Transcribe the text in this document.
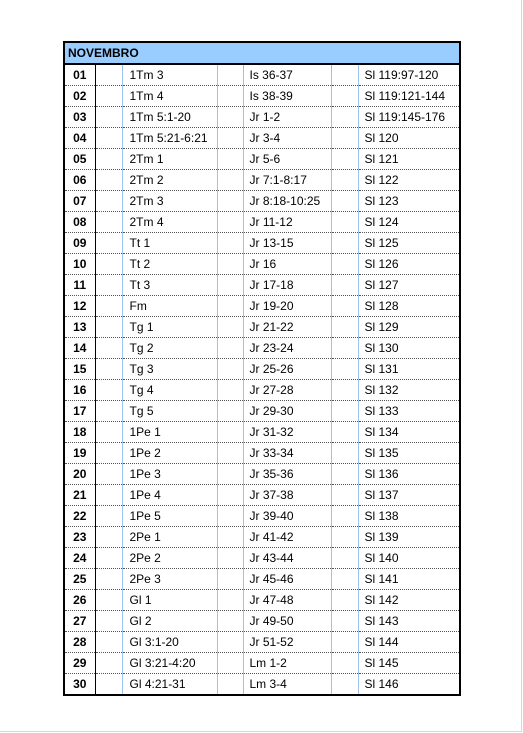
NOVEMBRO						
01		1Tm 3		Is 36-37		Sl 119:97-120
02		1Tm 4		Is 38-39		Sl 119:121-144
03		1Tm 5:1-20		Jr 1-2		Sl 119:145-176
04		1Tm 5:21-6:21		Jr 3-4		Sl 120
05		2Tm 1		Jr 5-6		Sl 121
06		2Tm 2		Jr 7:1-8:17		Sl 122
07		2Tm 3		Jr 8:18-10:25		Sl 123
08		2Tm 4		Jr 11-12		Sl 124
09		Tt 1		Jr 13-15		Sl 125
10		Tt 2		Jr 16		Sl 126
11		Tt 3		Jr 17-18		Sl 127
12		Fm		Jr 19-20		Sl 128
13		Tg 1		Jr 21-22		Sl 129
14		Tg 2		Jr 23-24		Sl 130
15		Tg 3		Jr 25-26		Sl 131
16		Tg 4		Jr 27-28		Sl 132
17		Tg 5		Jr 29-30		Sl 133
18		1Pe 1		Jr 31-32		Sl 134
19		1Pe 2		Jr 33-34		Sl 135
20		1Pe 3		Jr 35-36		Sl 136
21		1Pe 4		Jr 37-38		Sl 137
22		1Pe 5		Jr 39-40		Sl 138
23		2Pe 1		Jr 41-42		Sl 139
24		2Pe 2		Jr 43-44		Sl 140
25		2Pe 3		Jr 45-46		Sl 141
26		Gl 1		Jr 47-48		Sl 142
27		Gl 2		Jr 49-50		Sl 143
28		Gl 3:1-20		Jr 51-52		Sl 144
29		Gl 3:21-4:20		Lm 1-2		Sl 145
30		Gl 4:21-31		Lm 3-4		Sl 146
